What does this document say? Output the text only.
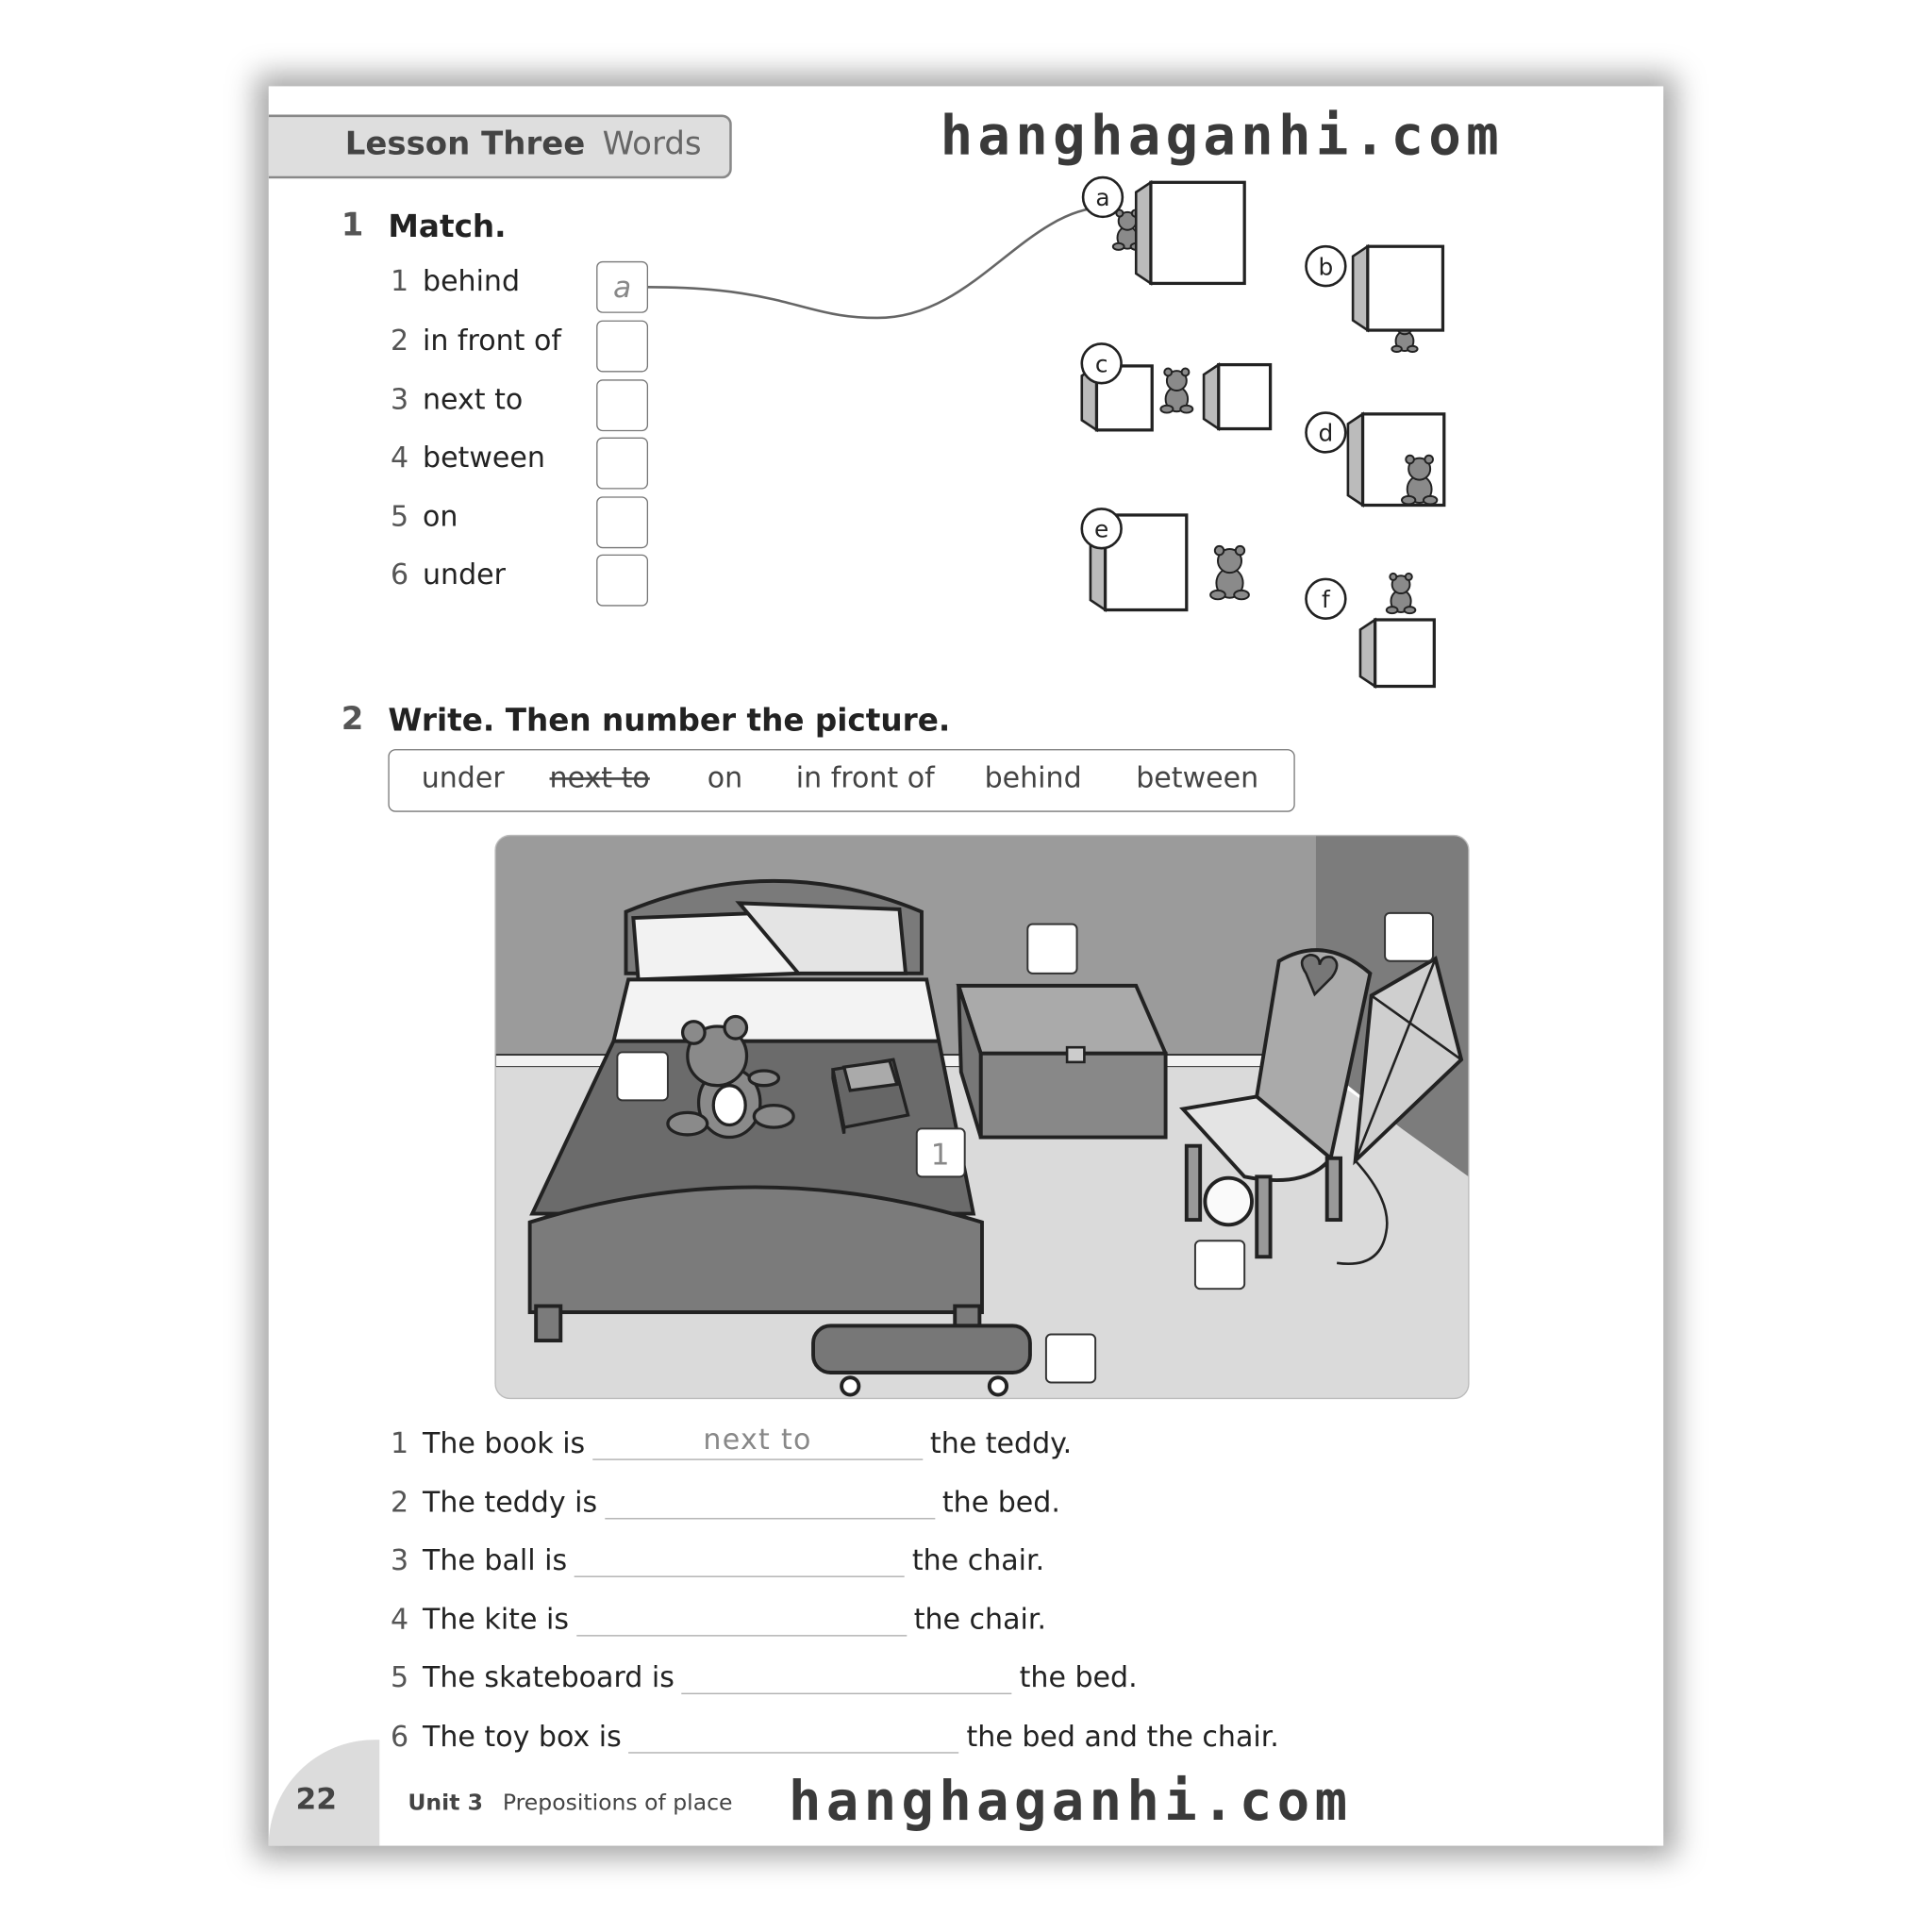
Lesson Three Words
a
b
c
d
e
f
1
hanghaganhi.com
1 Match.
2 Write. Then number the picture.
under next to	on in front of behind	between
22	Unit 3 Prepositions of place hanghaganhi.com
1 behind	a
2 in front of
3 next to
4 between
5 on
6 under
1 The book is	next to	the teddy.
2 The teddy is	the bed.
3 The ball is	the chair.
4 The kite is	the chair.
5 The skateboard is	the bed.
6 The toy box is	the bed and the chair.
